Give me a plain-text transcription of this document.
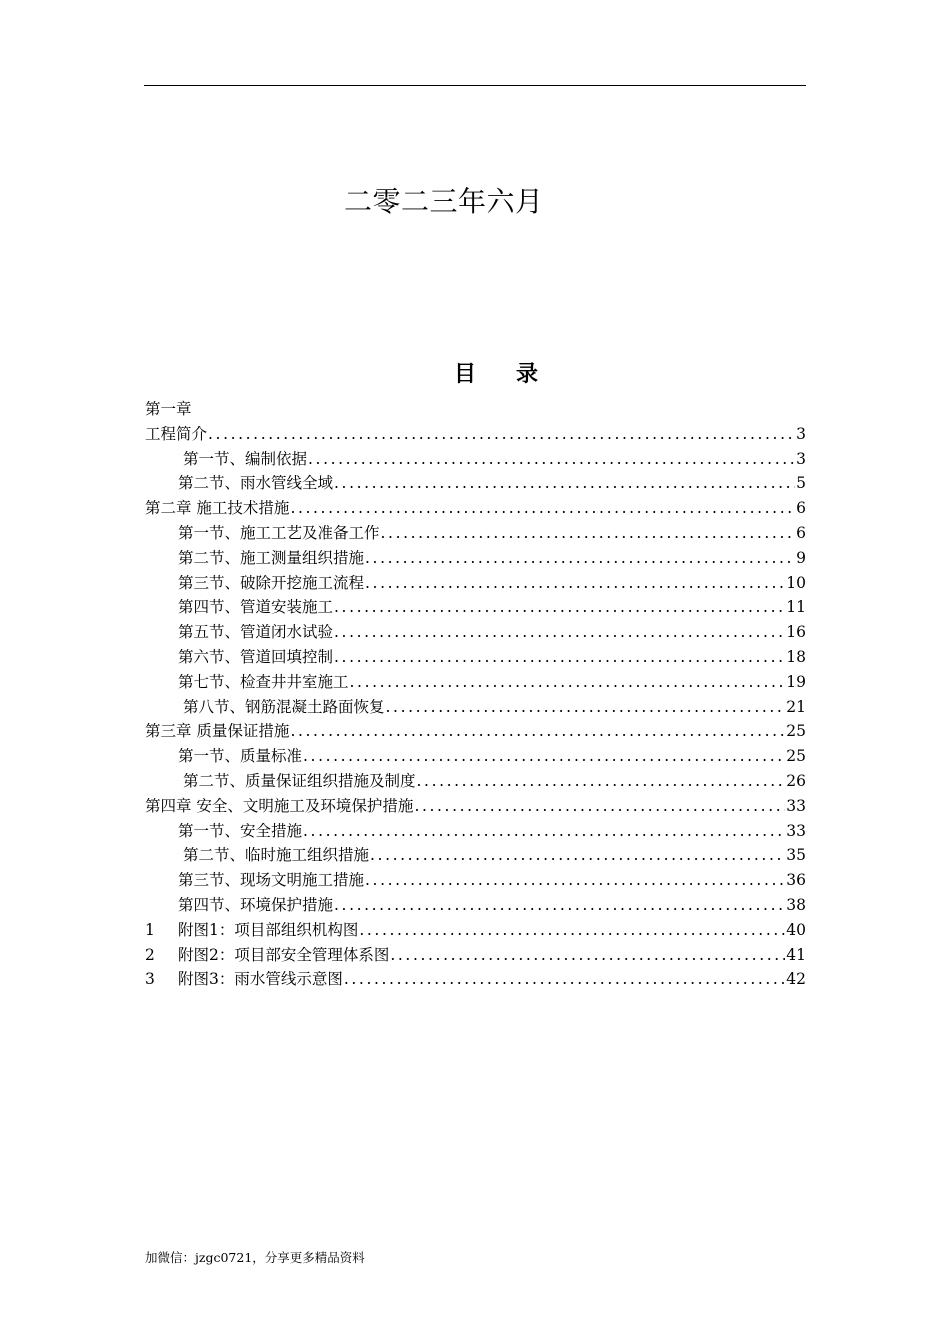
二零二三年六月
目录
第一章
工程简介 .....	3
第一节、编制依据 .....	3
第二节、雨水管线全域 .....	5
第二章 施工技术措施 .....	6
第一节、施工工艺及准备工作 .....	6
第二节、施工测量组织措施 .....	9
第三节、破除开挖施工流程 .....	10
第四节、管道安装施工 .....	11
第五节、管道闭水试验 .....	16
第六节、管道回填控制 .....	18
第七节、检查井井室施工 .....	19
第八节、钢筋混凝土路面恢复 .....	21
第三章 质量保证措施 .....	25
第一节、质量标准 .....	25
第二节、质量保证组织措施及制度 .....	26
第四章 安全、文明施工及环境保护措施 .....	33
第一节、安全措施 .....	33
第二节、临时施工组织措施 .....	35
第三节、现场文明施工措施 .....	36
第四节、环境保护措施 .....	38
1	附图1：项目部组织机构图 .....	40
2	附图2：项目部安全管理体系图 .....	41
3	附图3：雨水管线示意图 .....	42
加微信：jzgc0721，分享更多精品资料
